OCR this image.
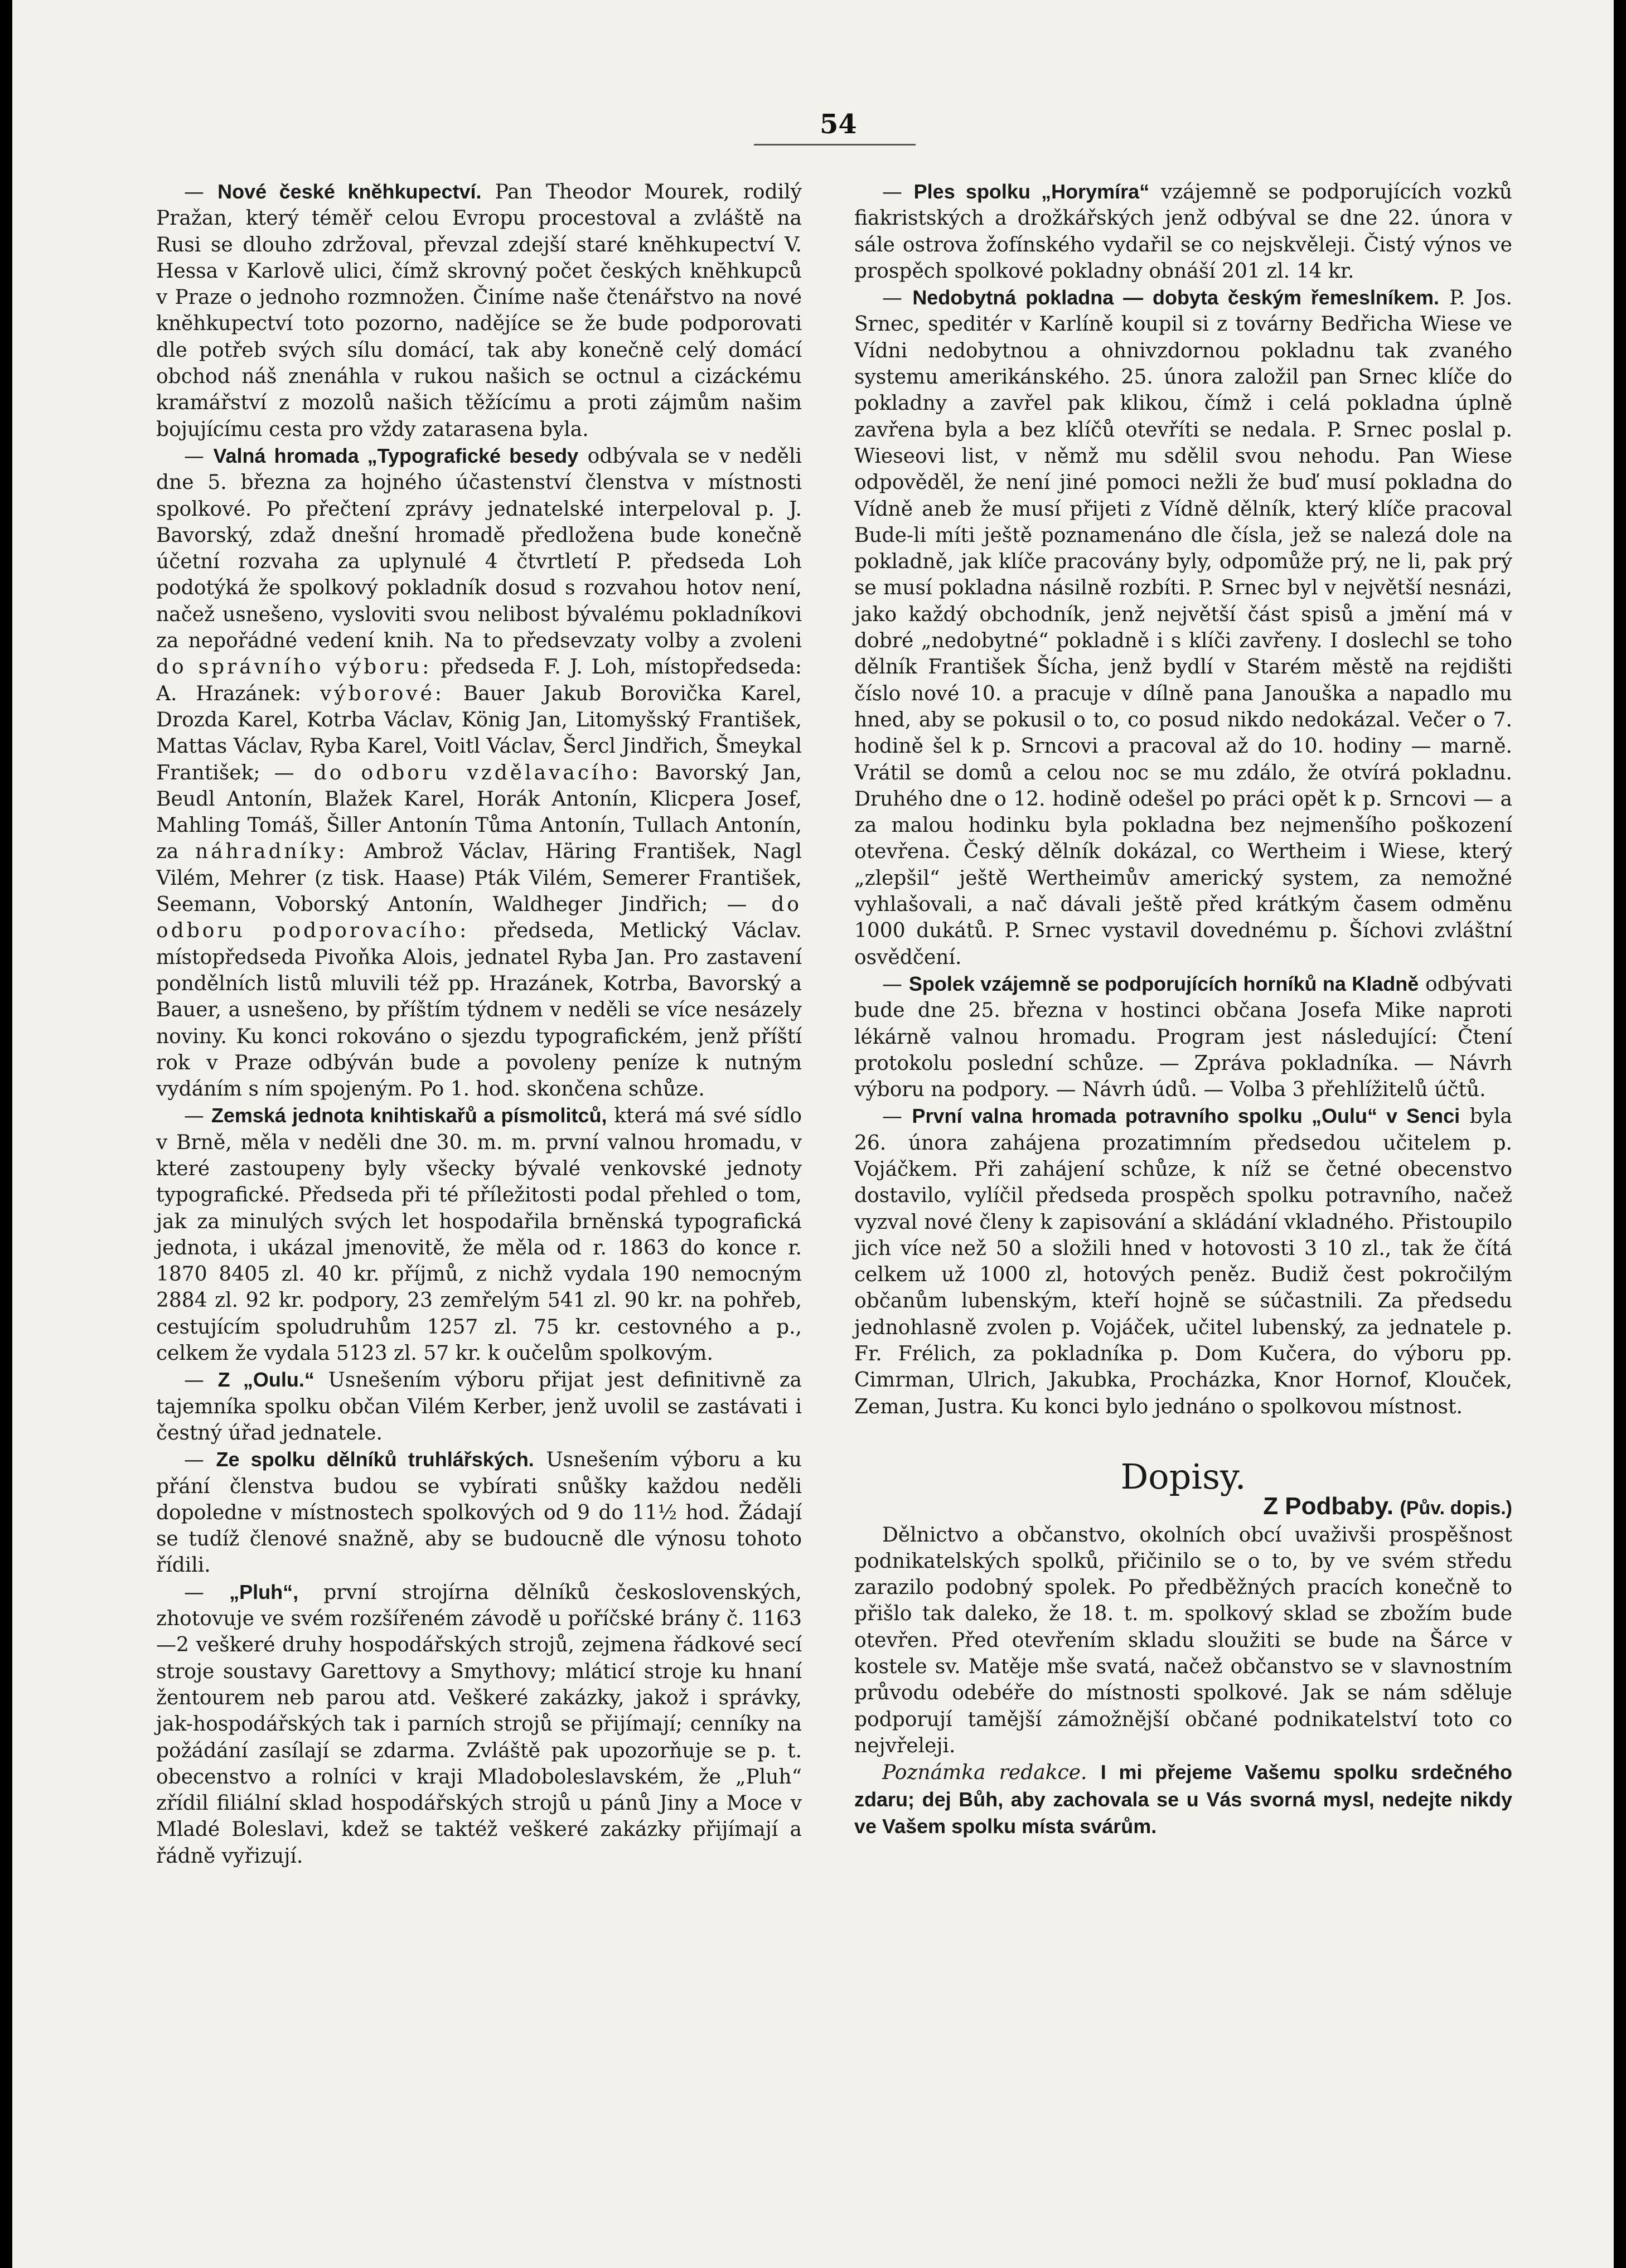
54

— Nové české knĕhkupectví. Pan Theodor Mourek, rodilý Pražan, který téměř celou Evropu procestoval a zvláště na Rusi se dlouho zdržoval, převzal zdejší staré knĕhkupectví V. Hessa v Karlově ulici, čímž skrovný počet českých knĕhkupců v Praze o jednoho rozmnožen. Činíme naše čtenářstvo na nové knĕhkupectví toto pozorno, nadějíce se že bude podporovati dle potřeb svých sílu domácí, tak aby konečně celý domácí obchod náš znenáhla v rukou našich se octnul a cizáckému kramářství z mozolů našich těžícímu a proti zájmům našim bojujícímu cesta pro vždy zatarasena byla.

— Valná hromada „Typografické besedy odbývala se v neděli dne 5. března za hojného účastenství členstva v místnosti spolkové. Po přečtení zprávy jednatelské interpeloval p. J. Bavorský, zdaž dnešní hromadě předložena bude konečně účetní rozvaha za uplynulé 4 čtvrtletí P. předseda Loh podotýká že spolkový pokladník dosud s rozvahou hotov není, načež usnešeno, vysloviti svou nelibost bývalému pokladníkovi za nepořádné vedení knih. Na to předsevzaty volby a zvoleni do správního výboru: předseda F. J. Loh, místopředseda: A. Hrazánek: výborové: Bauer Jakub Borovička Karel, Drozda Karel, Kotrba Václav, König Jan, Litomyšský František, Mattas Václav, Ryba Karel, Voitl Václav, Šercl Jindřich, Šmeykal František; — do odboru vzdělavacího: Bavorský Jan, Beudl Antonín, Blažek Karel, Horák Antonín, Klicpera Josef, Mahling Tomáš, Šiller Antonín Tůma Antonín, Tullach Antonín, za náhradníky: Ambrož Václav, Häring František, Nagl Vilém, Mehrer (z tisk. Haase) Pták Vilém, Semerer František, Seemann, Voborský Antonín, Waldheger Jindřich; — do odboru podporovacího: předseda, Metlický Václav. místopředseda Pivoňka Alois, jednatel Ryba Jan. Pro zastavení pondělních listů mluvili též pp. Hrazánek, Kotrba, Bavorský a Bauer, a usnešeno, by příštím týdnem v neděli se více nesázely noviny. Ku konci rokováno o sjezdu typografickém, jenž příští rok v Praze odbýván bude a povoleny peníze k nutným vydáním s ním spojeným. Po 1. hod. skončena schůze.

— Zemská jednota knihtiskařů a písmolitců, která má své sídlo v Brně, měla v neděli dne 30. m. m. první valnou hromadu, v které zastoupeny byly všecky bývalé venkovské jednoty typografické. Předseda při té příležitosti podal přehled o tom, jak za minulých svých let hospodařila brněnská typografická jednota, i ukázal jmenovitě, že měla od r. 1863 do konce r. 1870 8405 zl. 40 kr. příjmů, z nichž vydala 190 nemocným 2884 zl. 92 kr. podpory, 23 zemřelým 541 zl. 90 kr. na pohřeb, cestujícím spoludruhům 1257 zl. 75 kr. cestovného a p., celkem že vydala 5123 zl. 57 kr. k oučelům spolkovým.

— Z „Oulu.“ Usnešením výboru přijat jest definitivně za tajemníka spolku občan Vilém Kerber, jenž uvolil se zastávati i čestný úřad jednatele.

— Ze spolku dělníků truhlářských. Usnešením výboru a ku přání členstva budou se vybírati snůšky každou neděli dopoledne v místnostech spolkových od 9 do 11½ hod. Žádají se tudíž členové snažně, aby se budoucně dle výnosu tohoto řídili.

— „Pluh“, první strojírna dělníků československých, zhotovuje ve svém rozšířeném závodě u poříčské brány č. 1163—2 veškeré druhy hospodářských strojů, zejmena řádkové secí stroje soustavy Garettovy a Smythovy; mláticí stroje ku hnaní žentourem neb parou atd. Veškeré zakázky, jakož i správky, jak-hospodářských tak i parních strojů se přijímají; cenníky na požádání zasílají se zdarma. Zvláště pak upozorňuje se p. t. obecenstvo a rolníci v kraji Mladoboleslavském, že „Pluh“ zřídil filiální sklad hospodářských strojů u pánů Jiny a Moce v Mladé Boleslavi, kdež se taktéž veškeré zakázky přijímají a řádně vyřizují.

— Ples spolku „Horymíra“ vzájemně se podporujících vozků fiakristských a drožkářských jenž odbýval se dne 22. února v sále ostrova žofínského vydařil se co nejskvěleji. Čistý výnos ve prospěch spolkové pokladny obnáší 201 zl. 14 kr.

— Nedobytná pokladna — dobyta českým řemeslníkem. P. Jos. Srnec, speditér v Karlíně koupil si z továrny Bedřicha Wiese ve Vídni nedobytnou a ohnivzdornou pokladnu tak zvaného systemu amerikánského. 25. února založil pan Srnec klíče do pokladny a zavřel pak klikou, čímž i celá pokladna úplně zavřena byla a bez klíčů otevříti se nedala. P. Srnec poslal p. Wieseovi list, v němž mu sdělil svou nehodu. Pan Wiese odpověděl, že není jiné pomoci nežli že buď musí pokladna do Vídně aneb že musí přijeti z Vídně dělník, který klíče pracoval Bude-li míti ještě poznamenáno dle čísla, jež se nalezá dole na pokladně, jak klíče pracovány byly, odpomůže prý, ne li, pak prý se musí pokladna násilně rozbíti. P. Srnec byl v největší nesnázi, jako každý obchodník, jenž největší část spisů a jmění má v dobré „nedobytné“ pokladně i s klíči zavřeny. I doslechl se toho dělník František Šícha, jenž bydlí v Starém městě na rejdišti číslo nové 10. a pracuje v dílně pana Janouška a napadlo mu hned, aby se pokusil o to, co posud nikdo nedokázal. Večer o 7. hodině šel k p. Srncovi a pracoval až do 10. hodiny — marně. Vrátil se domů a celou noc se mu zdálo, že otvírá pokladnu. Druhého dne o 12. hodině odešel po práci opět k p. Srncovi — a za malou hodinku byla pokladna bez nejmenšího poškození otevřena. Český dělník dokázal, co Wertheim i Wiese, který „zlepšil“ ještě Wertheimův americký system, za nemožné vyhlašovali, a nač dávali ještě před krátkým časem odměnu 1000 dukátů. P. Srnec vystavil dovednému p. Šíchovi zvláštní osvědčení.

— Spolek vzájemně se podporujících horníků na Kladně odbývati bude dne 25. března v hostinci občana Josefa Mike naproti lékárně valnou hromadu. Program jest následující: Čtení protokolu poslední schůze. — Zpráva pokladníka. — Návrh výboru na podpory. — Návrh údů. — Volba 3 přehlížitelů účtů.

— První valna hromada potravního spolku „Oulu“ v Senci byla 26. února zahájena prozatimním předsedou učitelem p. Vojáčkem. Při zahájení schůze, k níž se četné obecenstvo dostavilo, vylíčil předseda prospěch spolku potravního, načež vyzval nové členy k zapisování a skládání vkladného. Přistoupilo jich více než 50 a složili hned v hotovosti 3 10 zl., tak že čítá celkem už 1000 zl, hotových peněz. Budiž čest pokročilým občanům lubenským, kteří hojně se súčastnili. Za předsedu jednohlasně zvolen p. Vojáček, učitel lubenský, za jednatele p. Fr. Frélich, za pokladníka p. Dom Kučera, do výboru pp. Cimrman, Ulrich, Jakubka, Procházka, Knor Hornof, Klouček, Zeman, Justra. Ku konci bylo jednáno o spolkovou místnost.

Dopisy.

Z Podbaby. (Pův. dopis.)

Dělnictvo a občanstvo, okolních obcí uvaživši prospěšnost podnikatelských spolků, přičinilo se o to, by ve svém středu zarazilo podobný spolek. Po předběžných pracích konečně to přišlo tak daleko, že 18. t. m. spolkový sklad se zbožím bude otevřen. Před otevřením skladu sloužiti se bude na Šárce v kostele sv. Matěje mše svatá, načež občanstvo se v slavnostním průvodu odebéře do místnosti spolkové. Jak se nám sděluje podporují tamější zámožnější občané podnikatelství toto co nejvřeleji.

Poznámka redakce. I mi přejeme Vašemu spolku srdečného zdaru; dej Bůh, aby zachovala se u Vás svorná mysl, nedejte nikdy ve Vašem spolku místa svárům.
